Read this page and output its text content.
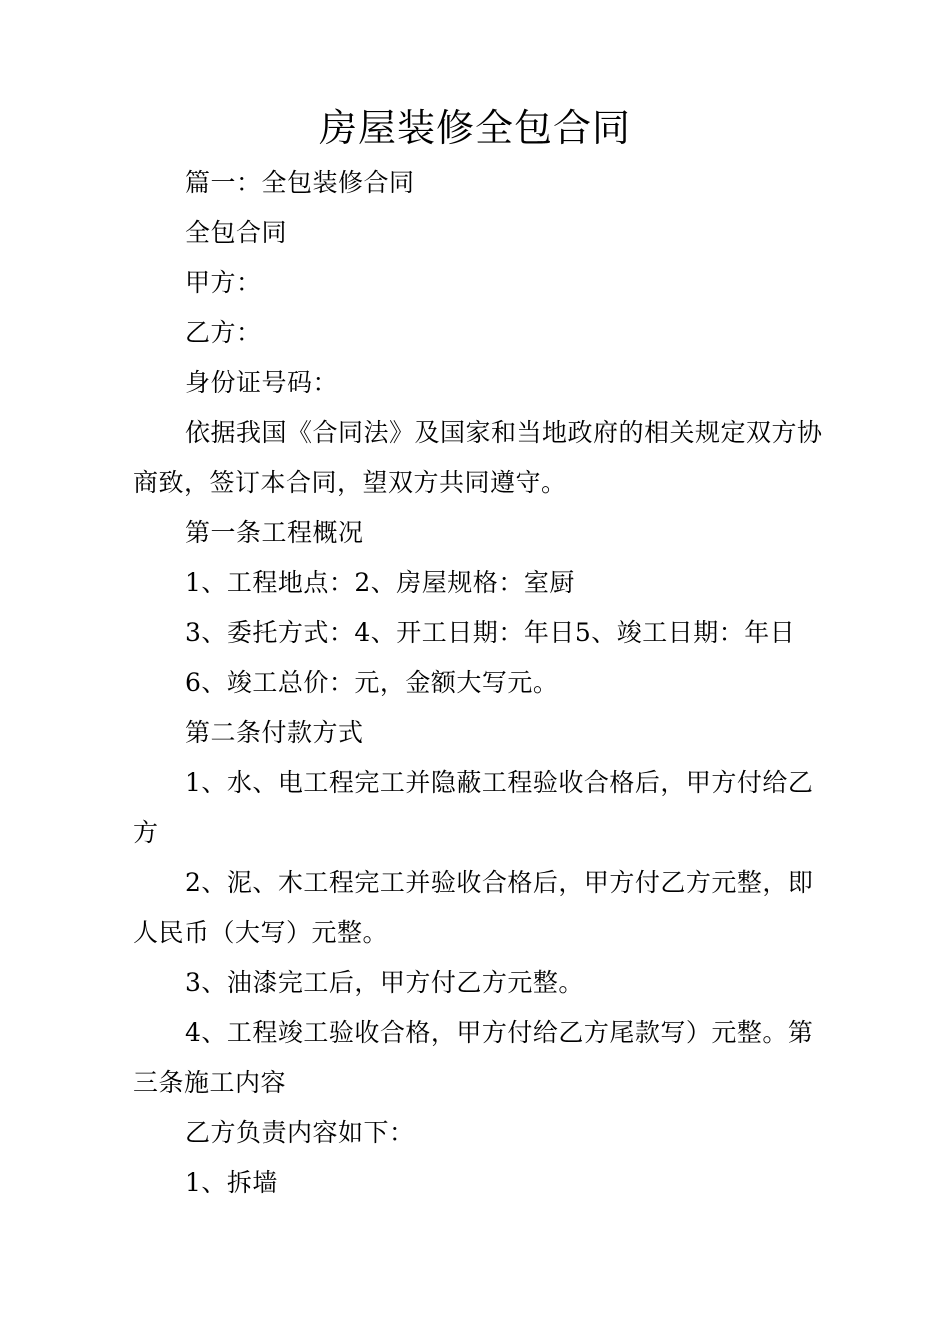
房屋装修全包合同

篇一：全包装修合同

全包合同

甲方：

乙方：

身份证号码：

依据我国《合同法》及国家和当地政府的相关规定双方协商致，签订本合同，望双方共同遵守。

第一条工程概况

1、工程地点：2、房屋规格：室厨

3、委托方式：4、开工日期：年日5、竣工日期：年日

6、竣工总价：元，金额大写元。

第二条付款方式

1、水、电工程完工并隐蔽工程验收合格后，甲方付给乙方

2、泥、木工程完工并验收合格后，甲方付乙方元整，即人民币（大写）元整。

3、油漆完工后，甲方付乙方元整。

4、工程竣工验收合格，甲方付给乙方尾款写）元整。第三条施工内容

乙方负责内容如下：

1、拆墙
